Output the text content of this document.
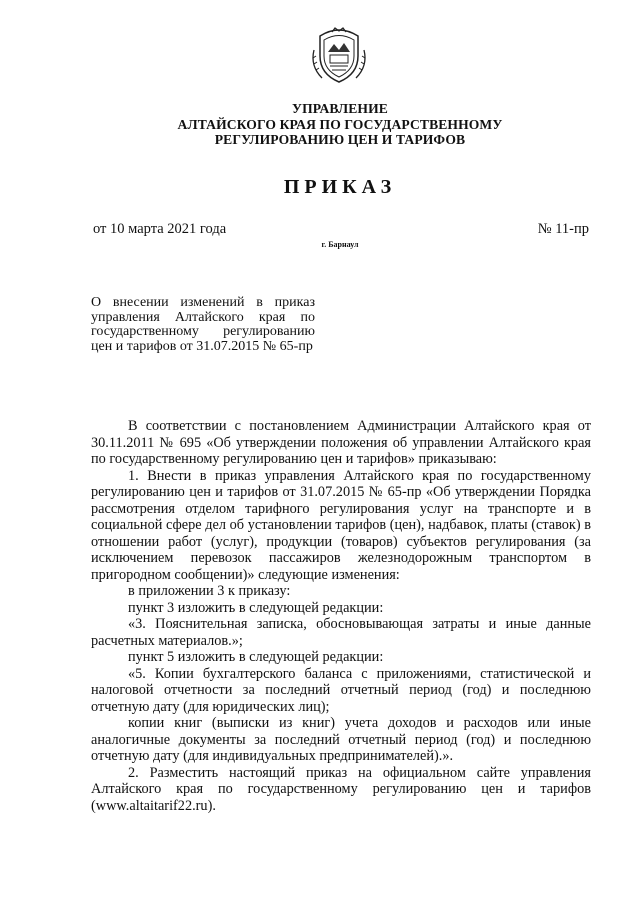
УПРАВЛЕНИЕ
АЛТАЙСКОГО КРАЯ ПО ГОСУДАРСТВЕННОМУ
РЕГУЛИРОВАНИЮ ЦЕН И ТАРИФОВ
ПРИКАЗ
от 10 марта 2021 года	№ 11-пр
г. Барнаул
О внесении изменений в приказ управления Алтайского края по государственному регулированию цен и тарифов от 31.07.2015 № 65-пр

В соответствии с постановлением Администрации Алтайского края от 30.11.2011 № 695 «Об утверждении положения об управлении Алтайского края по государственному регулированию цен и тарифов» приказываю:

1. Внести в приказ управления Алтайского края по государственному регулированию цен и тарифов от 31.07.2015 № 65-пр «Об утверждении Порядка рассмотрения отделом тарифного регулирования услуг на транспорте и в социальной сфере дел об установлении тарифов (цен), надбавок, платы (ставок) в отношении работ (услуг), продукции (товаров) субъектов регулирования (за исключением перевозок пассажиров железнодорожным транспортом в пригородном сообщении)» следующие изменения:

в приложении 3 к приказу:

пункт 3 изложить в следующей редакции:

«3. Пояснительная записка, обосновывающая затраты и иные данные расчетных материалов.»;

пункт 5 изложить в следующей редакции:

«5. Копии бухгалтерского баланса с приложениями, статистической и налоговой отчетности за последний отчетный период (год) и последнюю отчетную дату (для юридических лиц);

копии книг (выписки из книг) учета доходов и расходов или иные аналогичные документы за последний отчетный период (год) и последнюю отчетную дату (для индивидуальных предпринимателей).».

2. Разместить настоящий приказ на официальном сайте управления Алтайского края по государственному регулированию цен и тарифов (www.altaitarif22.ru).
